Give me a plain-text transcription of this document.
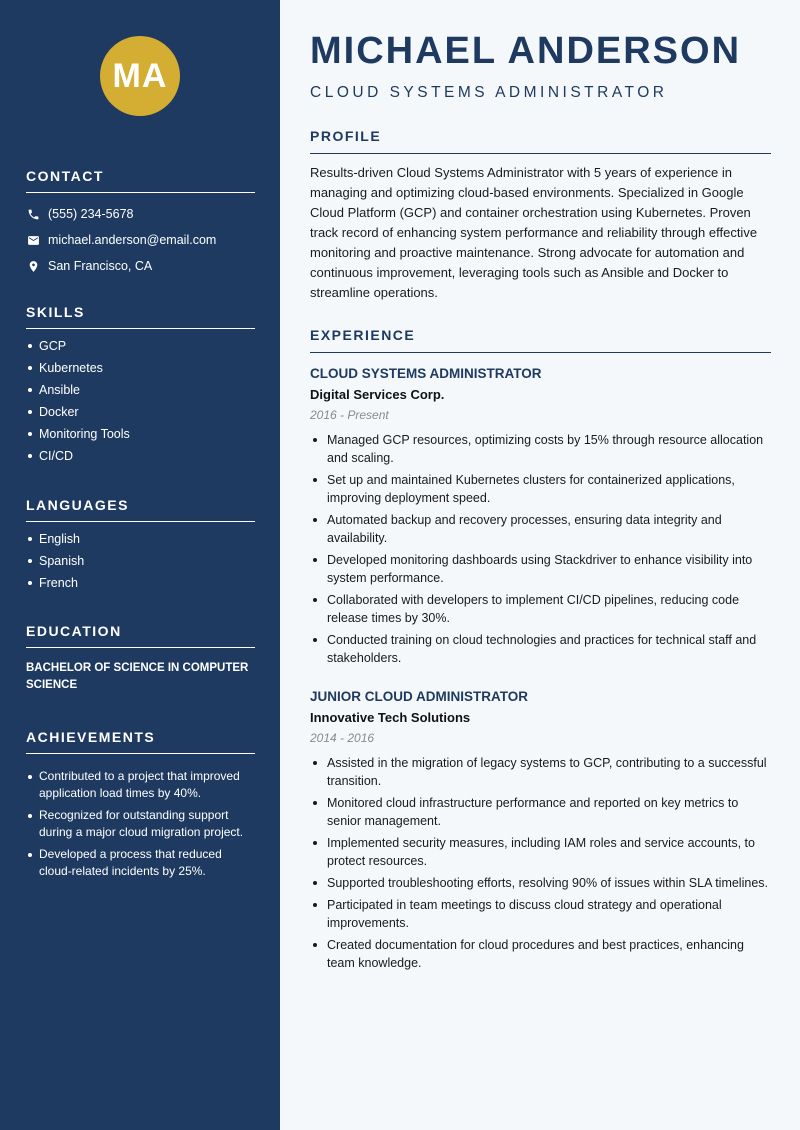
MA
CONTACT
(555) 234-5678
michael.anderson@email.com
San Francisco, CA
SKILLS
GCP
Kubernetes
Ansible
Docker
Monitoring Tools
CI/CD
LANGUAGES
English
Spanish
French
EDUCATION
BACHELOR OF SCIENCE IN COMPUTER SCIENCE
ACHIEVEMENTS
Contributed to a project that improved application load times by 40%.
Recognized for outstanding support during a major cloud migration project.
Developed a process that reduced cloud-related incidents by 25%.
MICHAEL ANDERSON
CLOUD SYSTEMS ADMINISTRATOR
PROFILE

Results-driven Cloud Systems Administrator with 5 years of experience in managing and optimizing cloud-based environments. Specialized in Google Cloud Platform (GCP) and container orchestration using Kubernetes. Proven track record of enhancing system performance and reliability through effective monitoring and proactive maintenance. Strong advocate for automation and continuous improvement, leveraging tools such as Ansible and Docker to streamline operations.

EXPERIENCE
CLOUD SYSTEMS ADMINISTRATOR
Digital Services Corp.
2016 - Present
Managed GCP resources, optimizing costs by 15% through resource allocation and scaling.
Set up and maintained Kubernetes clusters for containerized applications, improving deployment speed.
Automated backup and recovery processes, ensuring data integrity and availability.
Developed monitoring dashboards using Stackdriver to enhance visibility into system performance.
Collaborated with developers to implement CI/CD pipelines, reducing code release times by 30%.
Conducted training on cloud technologies and practices for technical staff and stakeholders.
JUNIOR CLOUD ADMINISTRATOR
Innovative Tech Solutions
2014 - 2016
Assisted in the migration of legacy systems to GCP, contributing to a successful transition.
Monitored cloud infrastructure performance and reported on key metrics to senior management.
Implemented security measures, including IAM roles and service accounts, to protect resources.
Supported troubleshooting efforts, resolving 90% of issues within SLA timelines.
Participated in team meetings to discuss cloud strategy and operational improvements.
Created documentation for cloud procedures and best practices, enhancing team knowledge.
